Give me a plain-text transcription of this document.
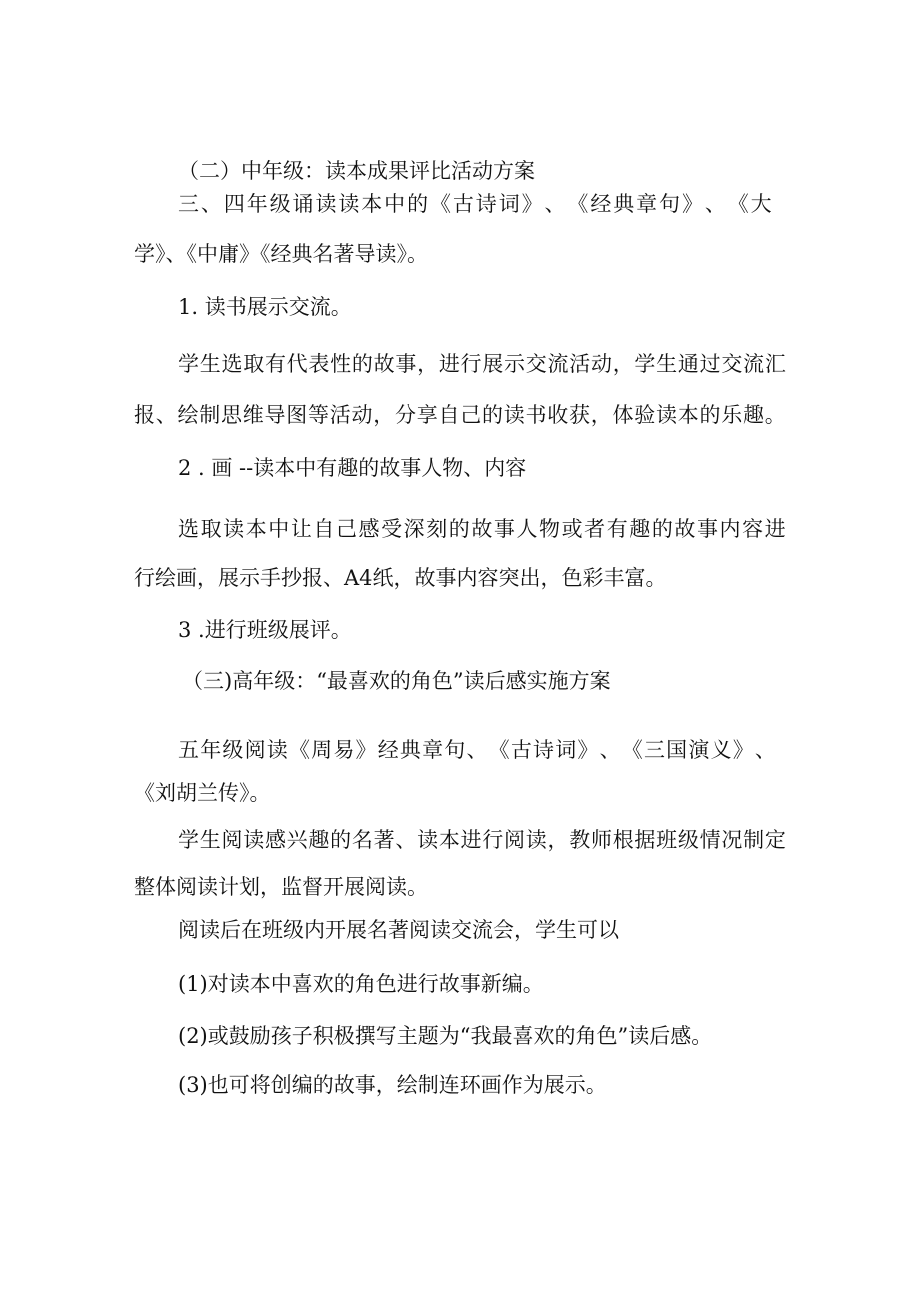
（二）中年级：读本成果评比活动方案

三 、 四 年 级 诵 读 读 本 中 的 《 古 诗 词 》 、 《 经 典 章 句 》 、 《 大

学》、《中庸》《经典名著导读》。

1. 读书展示交流。

学 生 选 取 有 代 表 性 的 故 事 ， 进 行 展 示 交 流 活 动 ， 学 生 通 过 交 流 汇

报 、 绘 制 思 维 导 图 等 活 动 ， 分 享 自 己 的 读 书 收 获 ， 体 验 读 本 的 乐 趣 。

2 . 画 --读本中有趣的故事人物、内容

选 取 读 本 中 让 自 己 感 受 深 刻 的 故 事 人 物 或 者 有 趣 的 故 事 内 容 进

行绘画，展示手抄报、A4纸，故事内容突出，色彩丰富。

3 .进行班级展评。

（三)高年级：“最喜欢的角色”读后感实施方案

五 年 级 阅 读 《 周 易 》 经 典 章 句 、 《 古 诗 词 》 、 《 三 国 演 义 》 、

《刘胡兰传》。

学 生 阅 读 感 兴 趣 的 名 著 、 读 本 进 行 阅 读 ， 教 师 根 据 班 级 情 况 制 定

整体阅读计划，监督开展阅读。

阅读后在班级内开展名著阅读交流会，学生可以

(1)对读本中喜欢的角色进行故事新编。

(2)或鼓励孩子积极撰写主题为“我最喜欢的角色”读后感。

(3)也可将创编的故事，绘制连环画作为展示。
